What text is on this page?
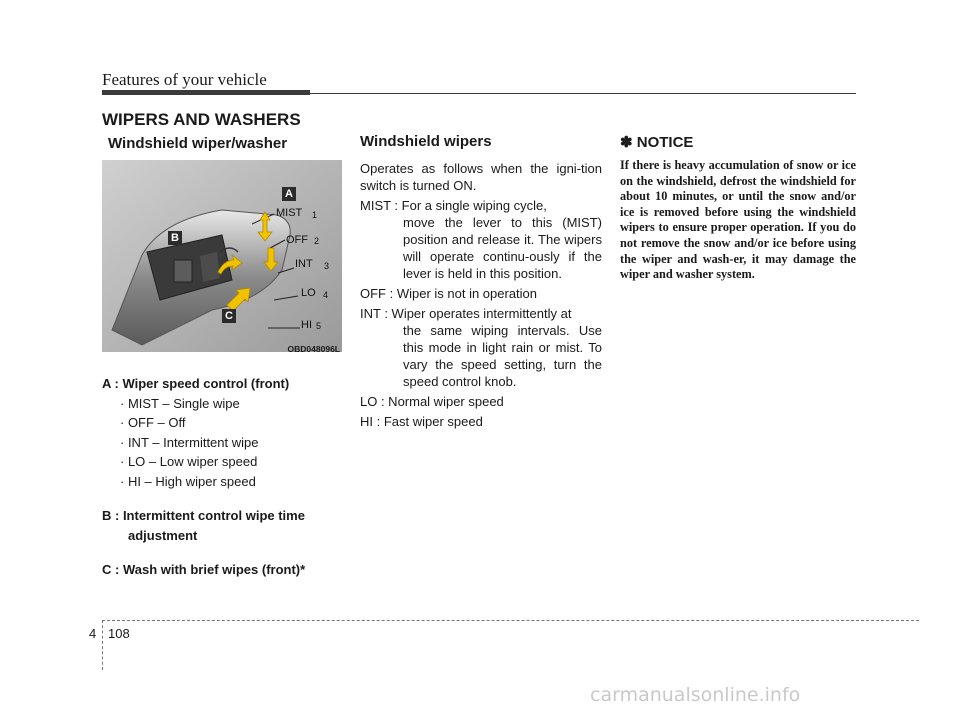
Features of your vehicle
WIPERS AND WASHERS
Windshield wiper/washer
A
B
C
MIST 1
OFF 2
INT 3
LO 4
HI 5
OBD048096L
A : Wiper speed control (front)
· MIST – Single wipe
· OFF – Off
· INT – Intermittent wipe
· LO – Low wiper speed
· HI – High wiper speed
B : Intermittent control wipe time
adjustment
C : Wash with brief wipes (front)*
Windshield wipers
Operates as follows when the igni-tion switch is turned ON.
MIST : For a single wiping cycle,
move the lever to this (MIST) position and release it. The wipers will operate continu-ously if the lever is held in this position.
OFF : Wiper is not in operation
INT : Wiper operates intermittently at
the same wiping intervals. Use this mode in light rain or mist. To vary the speed setting, turn the speed control knob.
LO : Normal wiper speed
HI : Fast wiper speed
✽ NOTICE
If there is heavy accumulation of snow or ice on the windshield, defrost the windshield for about 10 minutes, or until the snow and/or ice is removed before using the windshield wipers to ensure proper operation. If you do not remove the snow and/or ice before using the wiper and wash-er, it may damage the wiper and washer system.
4 108
carmanualsonline.info
